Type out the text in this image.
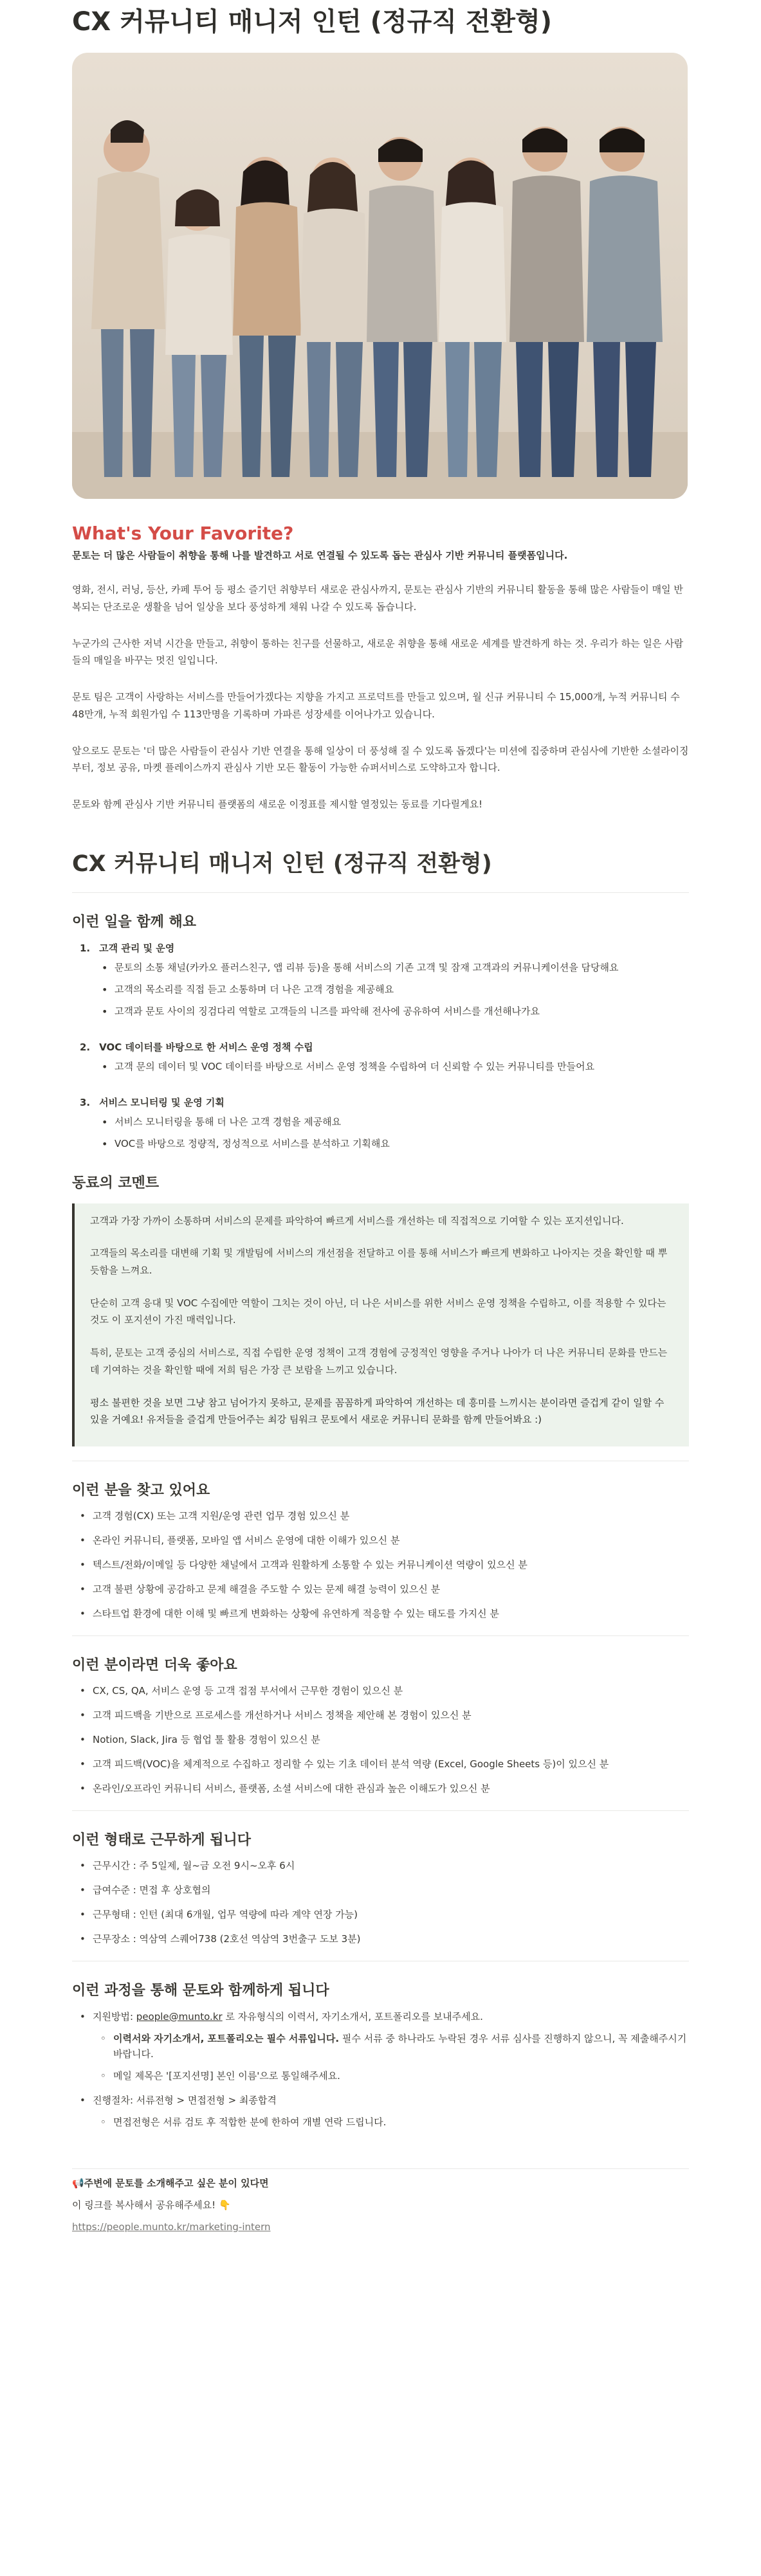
CX 커뮤니티 매니저 인턴 (정규직 전환형)
What's Your Favorite?

문토는 더 많은 사람들이 취향을 통해 나를 발견하고 서로 연결될 수 있도록 돕는 관심사 기반 커뮤니티 플랫폼입니다.

영화, 전시, 러닝, 등산, 카페 투어 등 평소 즐기던 취향부터 새로운 관심사까지, 문토는 관심사 기반의 커뮤니티 활동을 통해 많은 사람들이 매일 반복되는 단조로운 생활을 넘어 일상을 보다 풍성하게 채워 나갈 수 있도록 돕습니다.

누군가의 근사한 저녁 시간을 만들고, 취향이 통하는 친구를 선물하고, 새로운 취향을 통해 새로운 세계를 발견하게 하는 것. 우리가 하는 일은 사람들의 매일을 바꾸는 멋진 일입니다.

문토 팀은 고객이 사랑하는 서비스를 만들어가겠다는 지향을 가지고 프로덕트를 만들고 있으며, 월 신규 커뮤니티 수 15,000개, 누적 커뮤니티 수 48만개, 누적 회원가입 수 113만명을 기록하며 가파른 성장세를 이어나가고 있습니다.

앞으로도 문토는 '더 많은 사람들이 관심사 기반 연결을 통해 일상이 더 풍성해 질 수 있도록 돕겠다'는 미션에 집중하며 관심사에 기반한 소셜라이징부터, 정보 공유, 마켓 플레이스까지 관심사 기반 모든 활동이 가능한 슈퍼서비스로 도약하고자 합니다.

문토와 함께 관심사 기반 커뮤니티 플랫폼의 새로운 이정표를 제시할 열정있는 동료를 기다릴게요!

CX 커뮤니티 매니저 인턴 (정규직 전환형)
이런 일을 함께 해요
1. 고객 관리 및 운영
• 문토의 소통 채널(카카오 플러스친구, 앱 리뷰 등)을 통해 서비스의 기존 고객 및 잠재 고객과의 커뮤니케이션을 담당해요
• 고객의 목소리를 직접 듣고 소통하며 더 나은 고객 경험을 제공해요
• 고객과 문토 사이의 징검다리 역할로 고객들의 니즈를 파악해 전사에 공유하여 서비스를 개선해나가요
2. VOC 데이터를 바탕으로 한 서비스 운영 정책 수립
• 고객 문의 데이터 및 VOC 데이터를 바탕으로 서비스 운영 정책을 수립하여 더 신뢰할 수 있는 커뮤니티를 만들어요
3. 서비스 모니터링 및 운영 기획
• 서비스 모니터링을 통해 더 나은 고객 경험을 제공해요
• VOC를 바탕으로 정량적, 정성적으로 서비스를 분석하고 기획해요
동료의 코멘트

고객과 가장 가까이 소통하며 서비스의 문제를 파악하여 빠르게 서비스를 개선하는 데 직접적으로 기여할 수 있는 포지션입니다.

고객들의 목소리를 대변해 기획 및 개발팀에 서비스의 개선점을 전달하고 이를 통해 서비스가 빠르게 변화하고 나아지는 것을 확인할 때 뿌듯함을 느껴요.

단순히 고객 응대 및 VOC 수집에만 역할이 그치는 것이 아닌, 더 나은 서비스를 위한 서비스 운영 정책을 수립하고, 이를 적용할 수 있다는 것도 이 포지션이 가진 매력입니다.

특히, 문토는 고객 중심의 서비스로, 직접 수립한 운영 정책이 고객 경험에 긍정적인 영향을 주거나 나아가 더 나은 커뮤니티 문화를 만드는 데 기여하는 것을 확인할 때에 저희 팀은 가장 큰 보람을 느끼고 있습니다.

평소 불편한 것을 보면 그냥 참고 넘어가지 못하고, 문제를 꼼꼼하게 파악하여 개선하는 데 흥미를 느끼시는 분이라면 즐겁게 같이 일할 수 있을 거예요! 유저들을 즐겁게 만들어주는 최강 팀워크 문토에서 새로운 커뮤니티 문화를 함께 만들어봐요 :)

이런 분을 찾고 있어요
• 고객 경험(CX) 또는 고객 지원/운영 관련 업무 경험 있으신 분
• 온라인 커뮤니티, 플랫폼, 모바일 앱 서비스 운영에 대한 이해가 있으신 분
• 텍스트/전화/이메일 등 다양한 채널에서 고객과 원활하게 소통할 수 있는 커뮤니케이션 역량이 있으신 분
• 고객 불편 상황에 공감하고 문제 해결을 주도할 수 있는 문제 해결 능력이 있으신 분
• 스타트업 환경에 대한 이해 및 빠르게 변화하는 상황에 유연하게 적응할 수 있는 태도를 가지신 분
이런 분이라면 더욱 좋아요
• CX, CS, QA, 서비스 운영 등 고객 접점 부서에서 근무한 경험이 있으신 분
• 고객 피드백을 기반으로 프로세스를 개선하거나 서비스 정책을 제안해 본 경험이 있으신 분
• Notion, Slack, Jira 등 협업 툴 활용 경험이 있으신 분
• 고객 피드백(VOC)을 체계적으로 수집하고 정리할 수 있는 기초 데이터 분석 역량 (Excel, Google Sheets 등)이 있으신 분
• 온라인/오프라인 커뮤니티 서비스, 플랫폼, 소셜 서비스에 대한 관심과 높은 이해도가 있으신 분
이런 형태로 근무하게 됩니다
• 근무시간 : 주 5일제, 월~금 오전 9시~오후 6시
• 급여수준 : 면접 후 상호협의
• 근무형태 : 인턴 (최대 6개월, 업무 역량에 따라 계약 연장 가능)
• 근무장소 : 역삼역 스퀘어738 (2호선 역삼역 3번출구 도보 3분)
이런 과정을 통해 문토와 함께하게 됩니다
• 지원방법: people@munto.kr 로 자유형식의 이력서, 자기소개서, 포트폴리오를 보내주세요.
◦ 이력서와 자기소개서, 포트폴리오는 필수 서류입니다. 필수 서류 중 하나라도 누락된 경우 서류 심사를 진행하지 않으니, 꼭 제출해주시기 바랍니다.
◦ 메일 제목은 '[포지션명] 본인 이름'으로 통일해주세요.
• 진행절차: 서류전형 > 면접전형 > 최종합격
◦ 면접전형은 서류 검토 후 적합한 분에 한하여 개별 연락 드립니다.

📢주변에 문토를 소개해주고 싶은 분이 있다면

이 링크를 복사해서 공유해주세요! 👇

https://people.munto.kr/marketing-intern
